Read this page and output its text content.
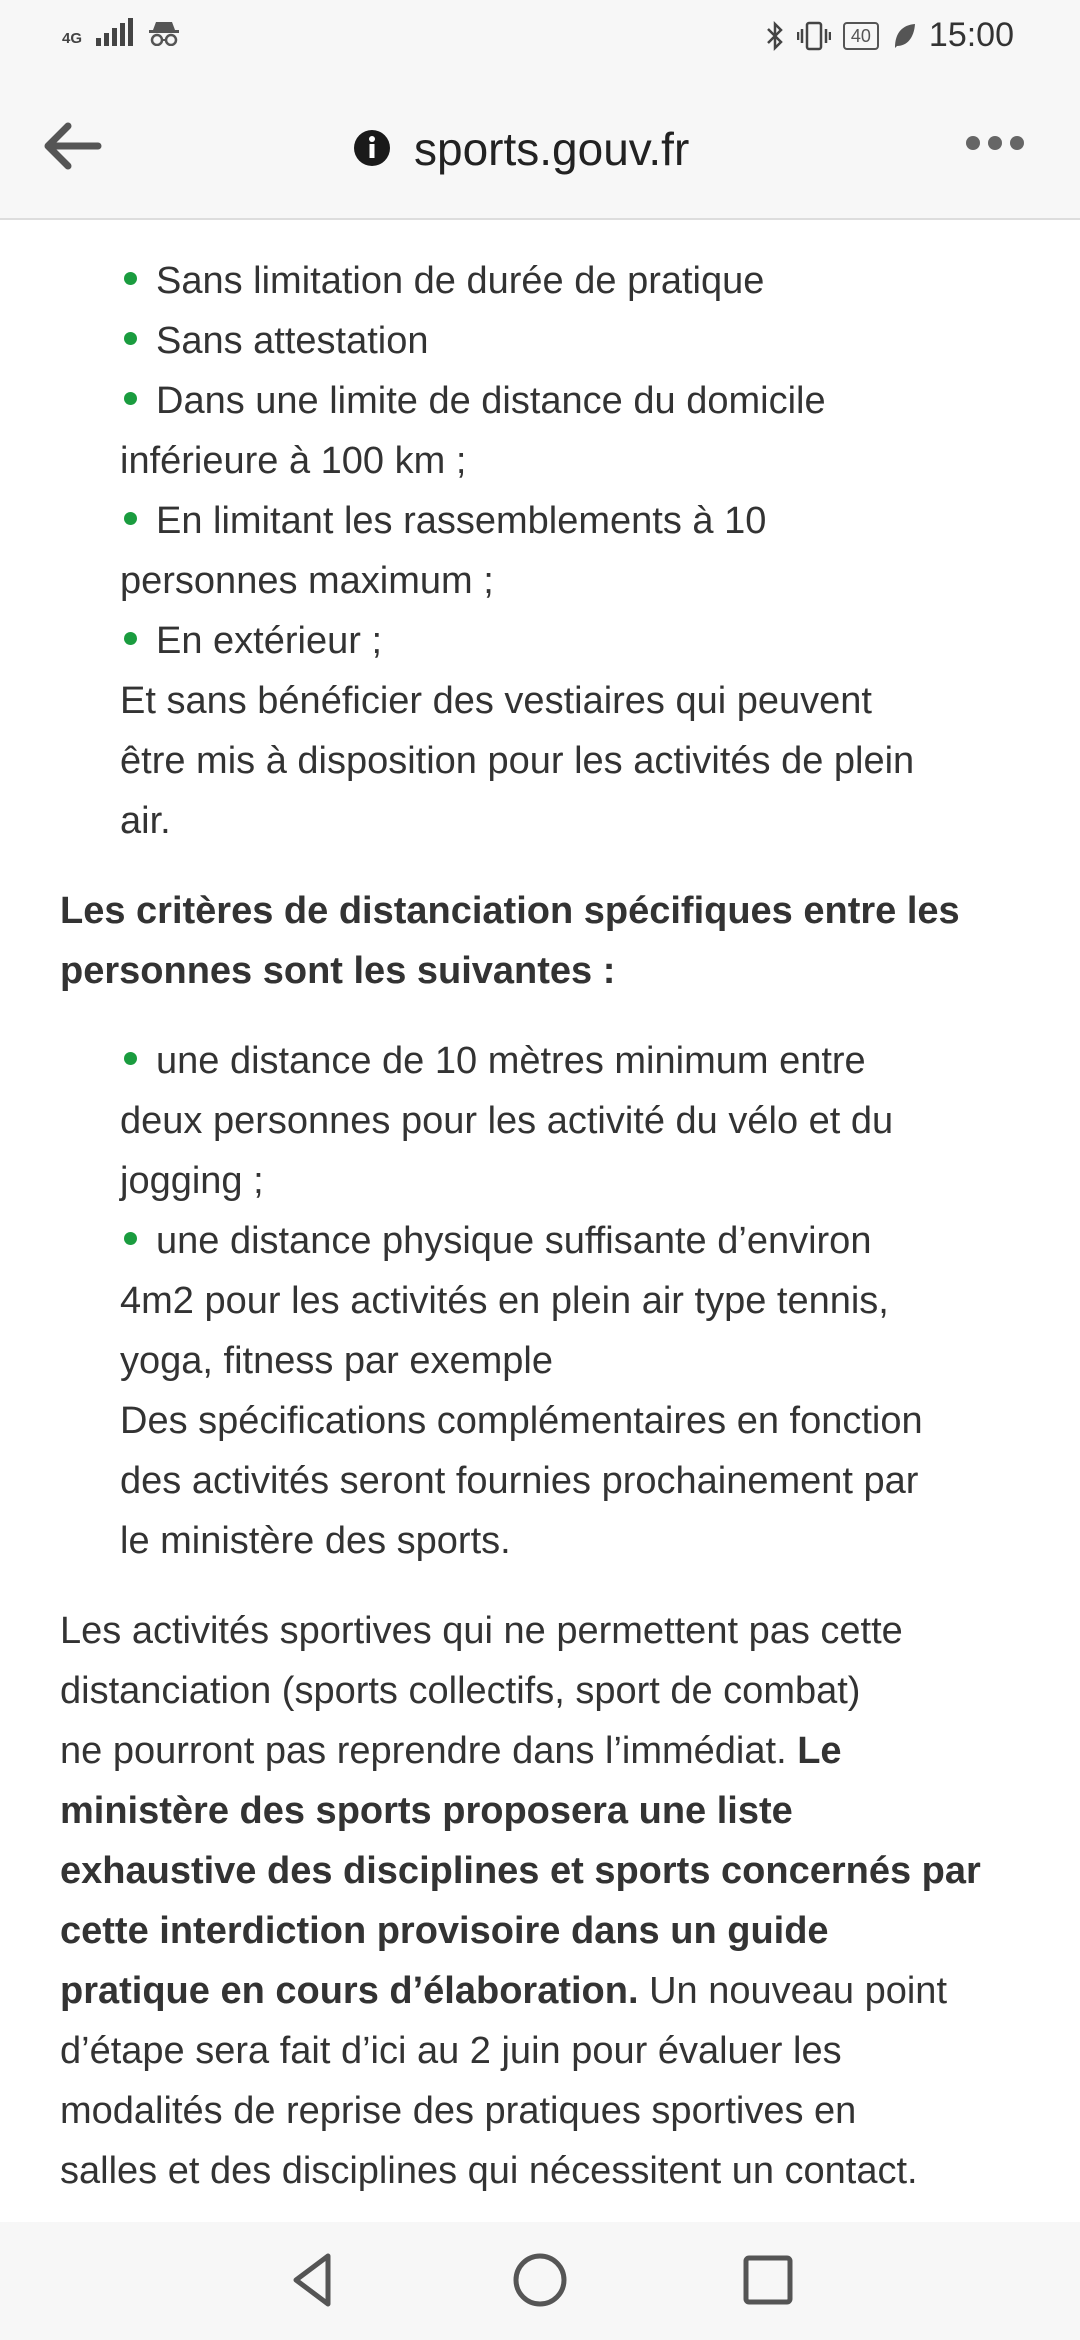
4G	40 15:00
sports.gouv.fr
Sans limitation de durée de pratique
Sans attestation
Dans une limite de distance du domicile
inférieure à 100 km ;
En limitant les rassemblements à 10
personnes maximum ;
En extérieur ;
Et sans bénéficier des vestiaires qui peuvent
être mis à disposition pour les activités de plein
air.
Les critères de distanciation spécifiques entre les
personnes sont les suivantes :
une distance de 10 mètres minimum entre
deux personnes pour les activité du vélo et du
jogging ;
une distance physique suffisante d’environ
4m2 pour les activités en plein air type tennis,
yoga, fitness par exemple
Des spécifications complémentaires en fonction
des activités seront fournies prochainement par
le ministère des sports.
Les activités sportives qui ne permettent pas cette
distanciation (sports collectifs, sport de combat)
ne pourront pas reprendre dans l’immédiat. Le
ministère des sports proposera une liste
exhaustive des disciplines et sports concernés par
cette interdiction provisoire dans un guide
pratique en cours d’élaboration. Un nouveau point
d’étape sera fait d’ici au 2 juin pour évaluer les
modalités de reprise des pratiques sportives en
salles et des disciplines qui nécessitent un contact.
